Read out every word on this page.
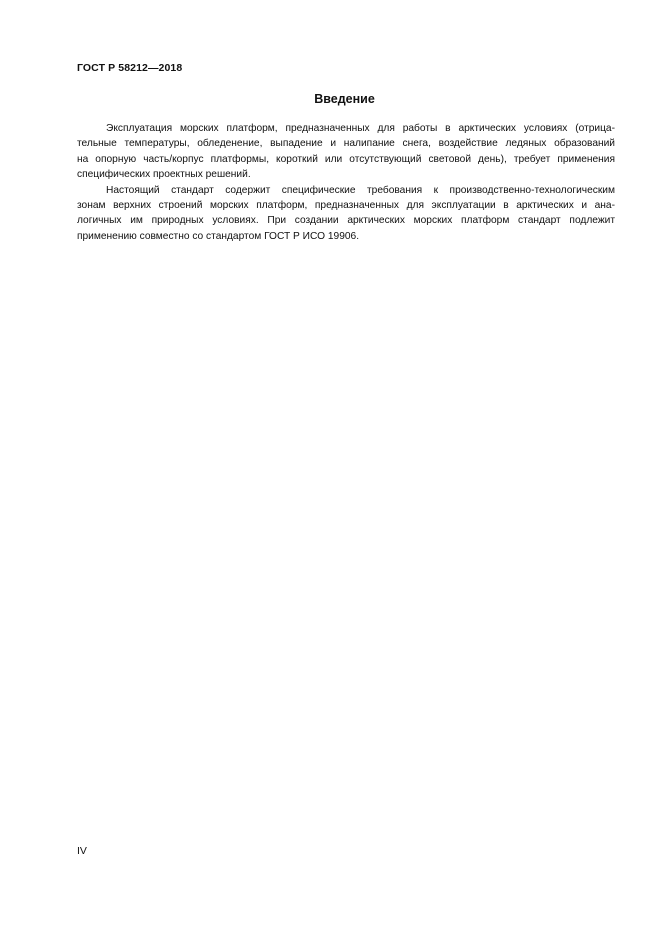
ГОСТ Р 58212—2018
Введение
Эксплуатация морских платформ, предназначенных для работы в арктических условиях (отрица-
тельные температуры, обледенение, выпадение и налипание снега, воздействие ледяных образований
на опорную часть/корпус платформы, короткий или отсутствующий световой день), требует применения
специфических проектных решений.
Настоящий стандарт содержит специфические требования к производственно-технологическим
зонам верхних строений морских платформ, предназначенных для эксплуатации в арктических и ана-
логичных им природных условиях. При создании арктических морских платформ стандарт подлежит
применению совместно со стандартом ГОСТ Р ИСО 19906.
IV
